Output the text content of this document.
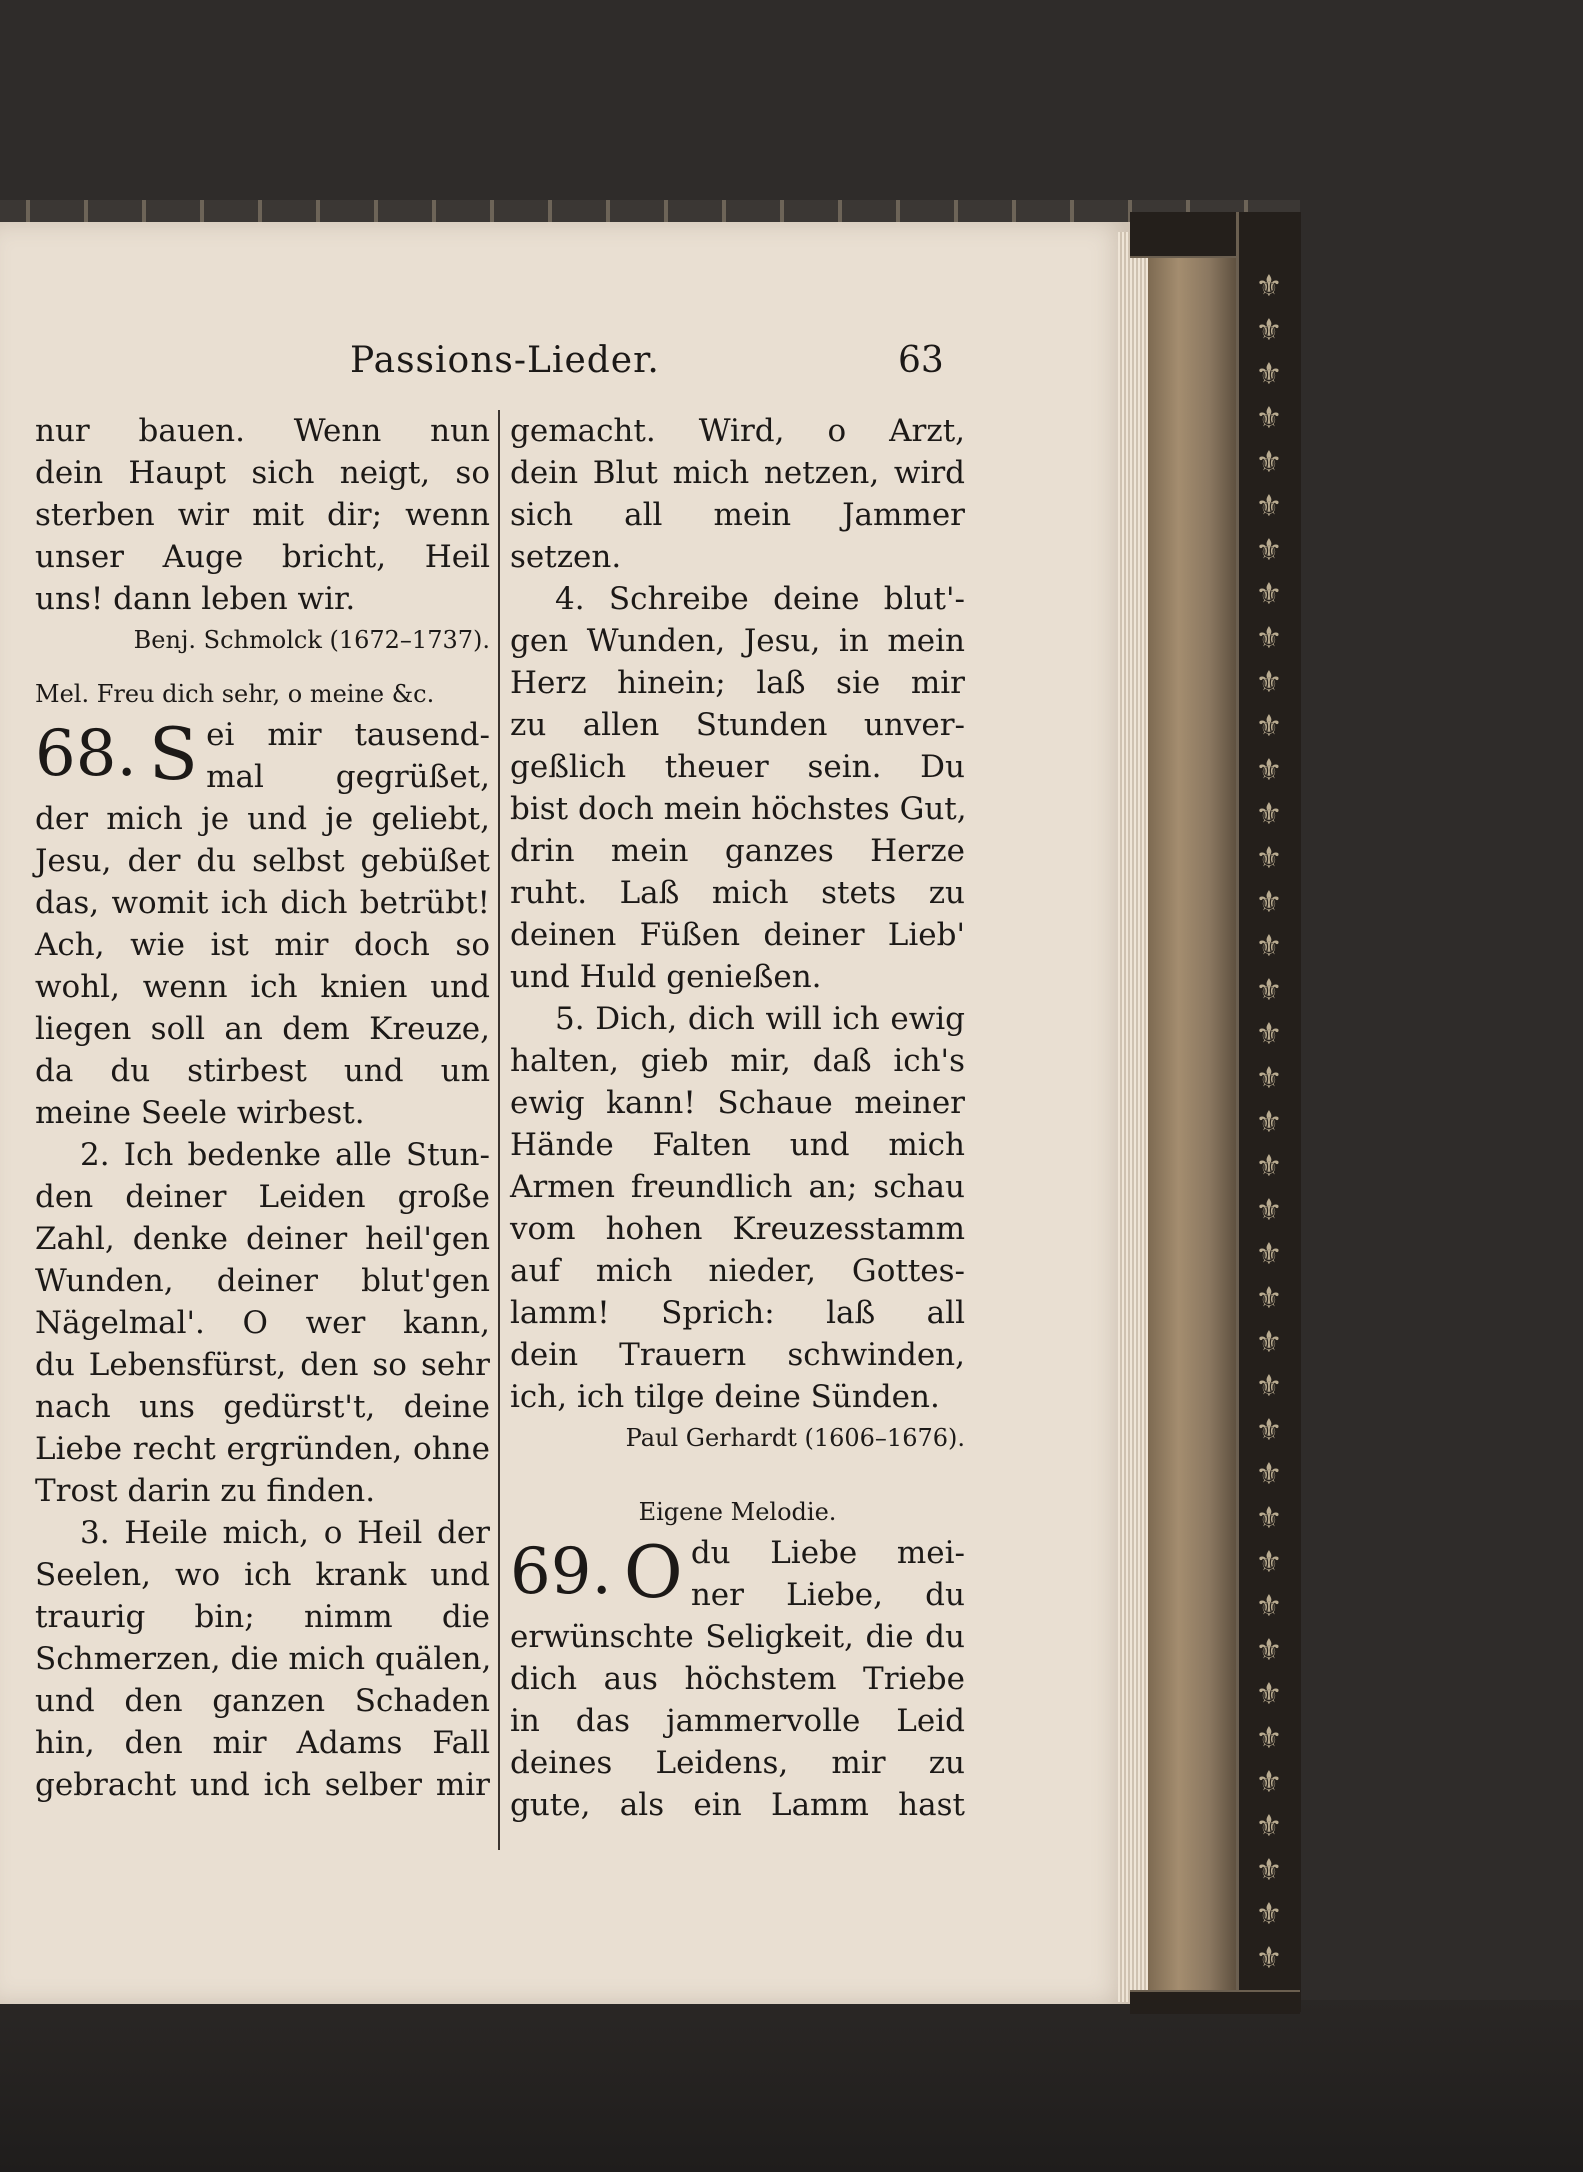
⚜
⚜
⚜
⚜
⚜
⚜
⚜
⚜
⚜
⚜
⚜
⚜
⚜
⚜
⚜
⚜
⚜
⚜
⚜
⚜
⚜
⚜
⚜
⚜
⚜
⚜
⚜
⚜
⚜
⚜
⚜
⚜
⚜
⚜
⚜
⚜
⚜
⚜
⚜
Passions-Lieder.	63
nur bauen. Wenn nun
dein Haupt sich neigt, so
sterben wir mit dir; wenn
unser Auge bricht, Heil
uns! dann leben wir.
Benj. Schmolck (1672–1737).
Mel. Freu dich sehr, o meine &c.
68. S ei mir tausend-
mal gegrüßet,
der mich je und je geliebt,
Jesu, der du selbst gebüßet
das, womit ich dich betrübt!
Ach, wie ist mir doch so
wohl, wenn ich knien und
liegen soll an dem Kreuze,
da du stirbest und um
meine Seele wirbest.
2. Ich bedenke alle Stun-
den deiner Leiden große
Zahl, denke deiner heil'gen
Wunden, deiner blut'gen
Nägelmal'. O wer kann,
du Lebensfürst, den so sehr
nach uns gedürst't, deine
Liebe recht ergründen, ohne
Trost darin zu finden.
3. Heile mich, o Heil der
Seelen, wo ich krank und
traurig bin; nimm die
Schmerzen, die mich quälen,
und den ganzen Schaden
hin, den mir Adams Fall
gebracht und ich selber mir
gemacht. Wird, o Arzt,
dein Blut mich netzen, wird
sich all mein Jammer
setzen.
4. Schreibe deine blut'-
gen Wunden, Jesu, in mein
Herz hinein; laß sie mir
zu allen Stunden unver-
geßlich theuer sein. Du
bist doch mein höchstes Gut,
drin mein ganzes Herze
ruht. Laß mich stets zu
deinen Füßen deiner Lieb'
und Huld genießen.
5. Dich, dich will ich ewig
halten, gieb mir, daß ich's
ewig kann! Schaue meiner
Hände Falten und mich
Armen freundlich an; schau
vom hohen Kreuzesstamm
auf mich nieder, Gottes-
lamm! Sprich: laß all
dein Trauern schwinden,
ich, ich tilge deine Sünden.
Paul Gerhardt (1606–1676).
Eigene Melodie.
69. O du Liebe mei-
ner Liebe, du
erwünschte Seligkeit, die du
dich aus höchstem Triebe
in das jammervolle Leid
deines Leidens, mir zu
gute, als ein Lamm hast
